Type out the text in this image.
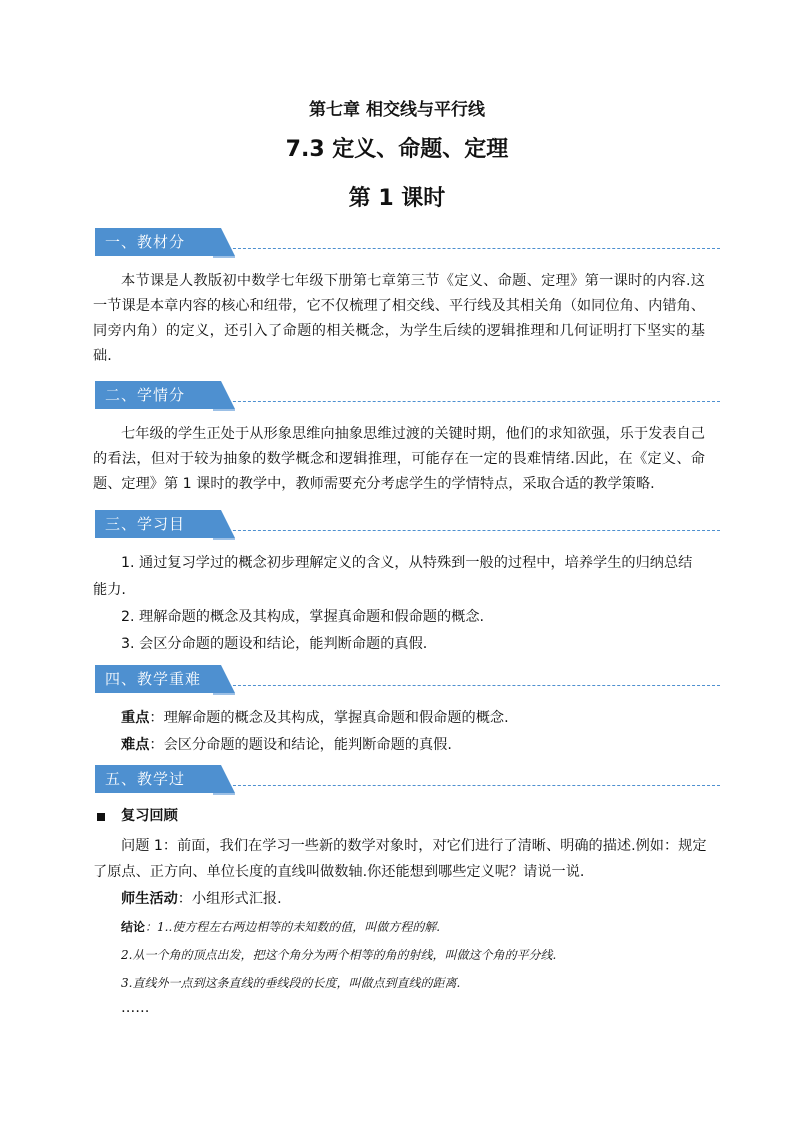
第七章 相交线与平行线
7.3 定义、命题、定理
第 1 课时
一、教材分
本节课是人教版初中数学七年级下册第七章第三节《定义、命题、定理》第一课时的内容.这一节课是本章内容的核心和纽带，它不仅梳理了相交线、平行线及其相关角（如同位角、内错角、同旁内角）的定义，还引入了命题的相关概念，为学生后续的逻辑推理和几何证明打下坚实的基础.
二、学情分
七年级的学生正处于从形象思维向抽象思维过渡的关键时期，他们的求知欲强，乐于发表自己的看法，但对于较为抽象的数学概念和逻辑推理，可能存在一定的畏难情绪.因此，在《定义、命题、定理》第 1 课时的教学中，教师需要充分考虑学生的学情特点，采取合适的教学策略.
三、学习目
1. 通过复习学过的概念初步理解定义的含义，从特殊到一般的过程中，培养学生的归纳总结
能力.
2. 理解命题的概念及其构成，掌握真命题和假命题的概念.
3. 会区分命题的题设和结论，能判断命题的真假.
四、教学重难
重点：理解命题的概念及其构成，掌握真命题和假命题的概念.
难点：会区分命题的题设和结论，能判断命题的真假.
五、教学过
复习回顾
问题 1：前面，我们在学习一些新的数学对象时，对它们进行了清晰、明确的描述.例如：规定
了原点、正方向、单位长度的直线叫做数轴.你还能想到哪些定义呢？请说一说.
师生活动：小组形式汇报.
结论：1..使方程左右两边相等的未知数的值，叫做方程的解.
2.从一个角的顶点出发，把这个角分为两个相等的角的射线，叫做这个角的平分线.
3.直线外一点到这条直线的垂线段的长度，叫做点到直线的距离.
……
